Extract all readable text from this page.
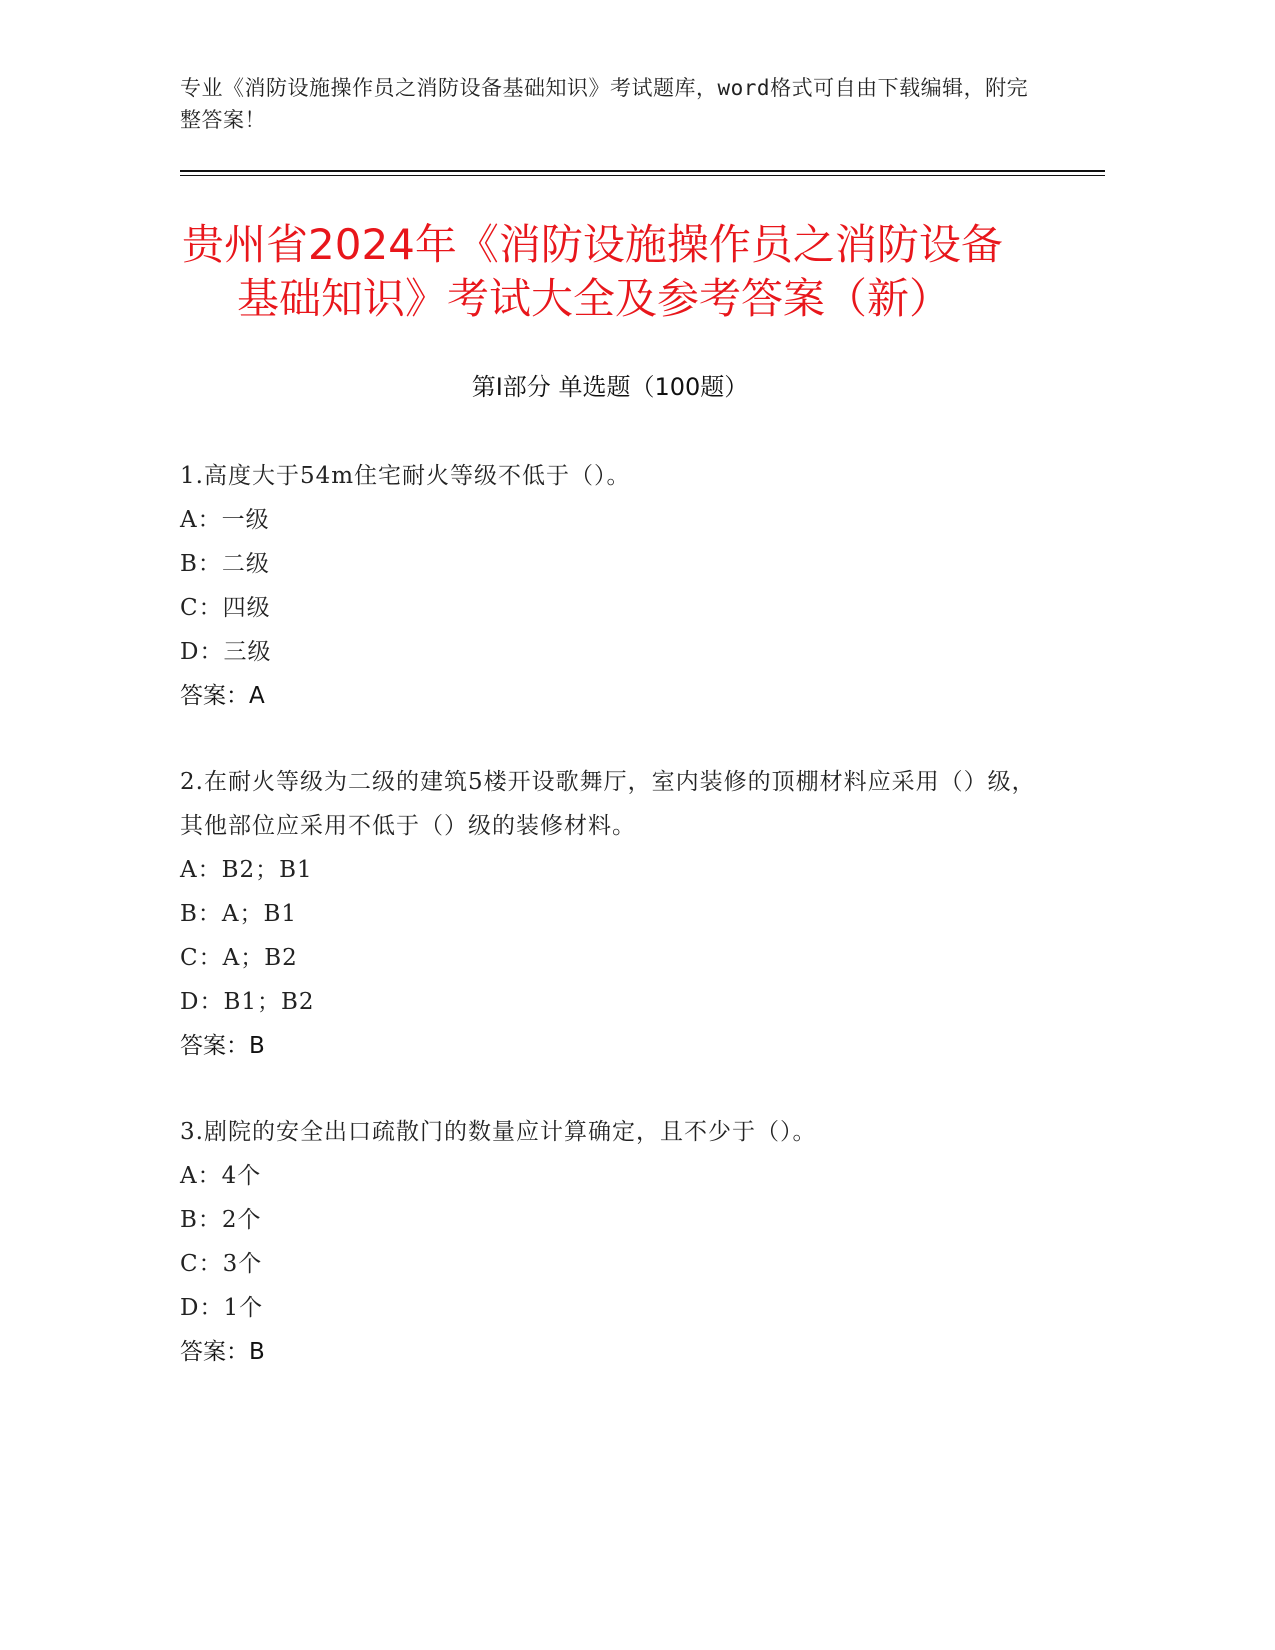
专业《消防设施操作员之消防设备基础知识》考试题库，word格式可自由下载编辑，附完整答案！
贵州省2024年《消防设施操作员之消防设备
基础知识》考试大全及参考答案（新）
第I部分 单选题（100题）
1.高度大于54m住宅耐火等级不低于（）。
A：一级
B：二级
C：四级
D：三级
答案：A
2.在耐火等级为二级的建筑5楼开设歌舞厅，室内装修的顶棚材料应采用（）级，其他部位应采用不低于（）级的装修材料。
A：B2；B1
B：A；B1
C：A；B2
D：B1；B2
答案：B
3.剧院的安全出口疏散门的数量应计算确定，且不少于（）。
A：4个
B：2个
C：3个
D：1个
答案：B
